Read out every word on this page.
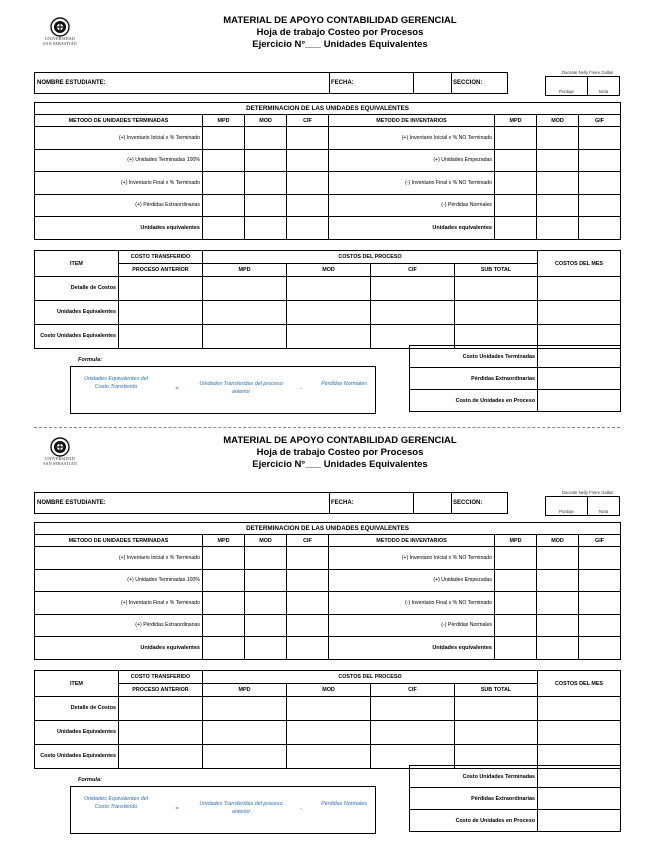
UNIVERSIDAD
SAN SEBASTIÁN
MATERIAL DE APOYO CONTABILIDAD GERENCIAL
Hoja de trabajo Costeo por Procesos
Ejercicio N°___ Unidades Equivalentes
Docente Nelly Freire Gallas
Puntaje	Nota
NOMBRE ESTUDIANTE:	FECHA:	SECCION:
DETERMINACION DE LAS UNIDADES EQUIVALENTES							
METODO DE UNIDADES TERMINADAS	MPD	MOD	CIF	METODO DE INVENTARIOS	MPD	MOD	GIF
(+) Inventario Inicial x % Terminado				(+) Inventario Inicial x % NO Terminado			
(+) Unidades Terminadas 100%				(+) Unidades Empezadas			
(+) Inventario Final x % Terminado				(-) Inventario Final x % NO Terminado			
(+) Pérdidas Extraordinarias				(-) Pérdidas Normales			
Unidades equivalentes				Unidades equivalentes			
ITEM	COSTO TRANSFERIDO	COSTOS DEL PROCESO				COSTOS DEL MES
	PROCESO ANTERIOR	MPD	MOD	CIF	SUB TOTAL	
Detalle de Costos						
Unidades Equivalentes						
Costo Unidades Equivalentes						
Costo Unidades Terminadas	
Pérdidas Extraordinarias	
Costo de Unidades en Proceso	
Formula:
Unidades Equivalentes del Costo Transferido	=
Unidades Transferidas del proceso anterior	-
Pérdidas Normales
UNIVERSIDAD
SAN SEBASTIÁN
MATERIAL DE APOYO CONTABILIDAD GERENCIAL
Hoja de trabajo Costeo por Procesos
Ejercicio N°___ Unidades Equivalentes
Docente Nelly Freire Gallas
Puntaje	Nota
NOMBRE ESTUDIANTE:	FECHA:	SECCION:
DETERMINACION DE LAS UNIDADES EQUIVALENTES							
METODO DE UNIDADES TERMINADAS	MPD	MOD	CIF	METODO DE INVENTARIOS	MPD	MOD	GIF
(+) Inventario Inicial x % Terminado				(+) Inventario Inicial x % NO Terminado			
(+) Unidades Terminadas 100%				(+) Unidades Empezadas			
(+) Inventario Final x % Terminado				(-) Inventario Final x % NO Terminado			
(+) Pérdidas Extraordinarias				(-) Pérdidas Normales			
Unidades equivalentes				Unidades equivalentes			
ITEM	COSTO TRANSFERIDO	COSTOS DEL PROCESO				COSTOS DEL MES
	PROCESO ANTERIOR	MPD	MOD	CIF	SUB TOTAL	
Detalle de Costos						
Unidades Equivalentes						
Costo Unidades Equivalentes						
Costo Unidades Terminadas	
Pérdidas Extraordinarias	
Costo de Unidades en Proceso	
Formula:
Unidades Equivalentes del Costo Transferido	=
Unidades Transferidas del proceso anterior	-
Pérdidas Normales
